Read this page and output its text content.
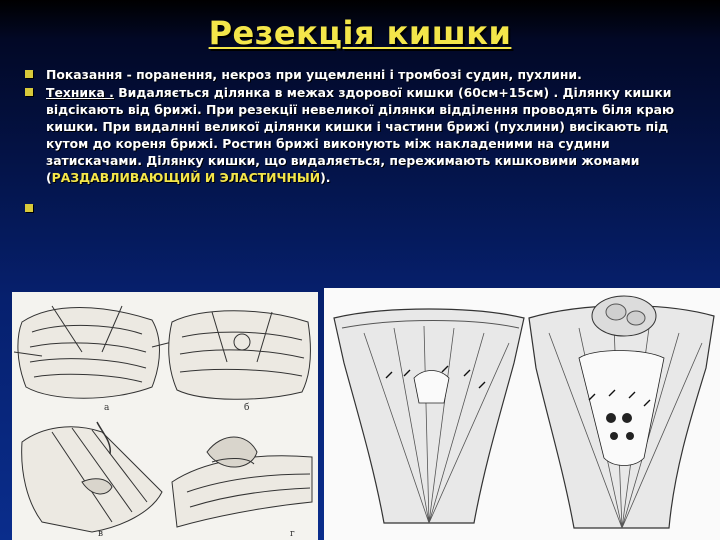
Резекція кишки
Показання - поранення, некроз при ущемленні і тромбозі судин, пухлини.
Техника . Видаляється ділянка в межах здорової кишки (60см+15см) . Ділянку кишки відсікають від брижі. При резекції невеликої ділянки відділення проводять біля краю кишки. При видалнні великої ділянки кишки і частини брижі (пухлини) висікають під кутом до кореня брижі. Ростин брижі виконують між накладеними на судини затискачами. Ділянку кишки, що видаляється, пережимають кишковими жомами (РАЗДАВЛИВАЮЩИЙ И ЭЛАСТИЧНЫЙ).
а	б
в	г
